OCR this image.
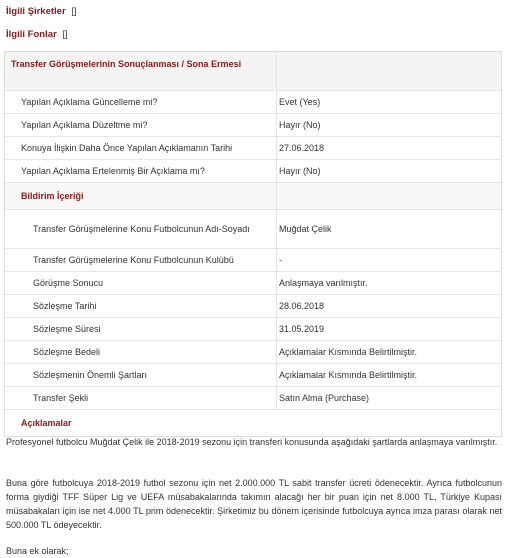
İlgili Şirketler []
İlgili Fonlar []
Transfer Görüşmelerinin Sonuçlanması / Sona Ermesi
Yapılan Açıklama Güncelleme mi?	Evet (Yes)
Yapılan Açıklama Düzeltme mi?	Hayır (No)
Konuya İlişkin Daha Önce Yapılan Açıklamanın Tarihi	27.06.2018
Yapılan Açıklama Ertelenmiş Bir Açıklama mı?	Hayır (No)
Bildirim İçeriği
Transfer Görüşmelerine Konu Futbolcunun Adı-Soyadı	Muğdat Çelik
Transfer Görüşmelerine Konu Futbolcunun Kulübü	-
Görüşme Sonucu	Anlaşmaya varılmıştır.
Sözleşme Tarihi	28.06.2018
Sözleşme Süresi	31.05.2019
Sözleşme Bedeli	Açıklamalar Kısmında Belirtilmiştir.
Sözleşmenin Önemli Şartları	Açıklamalar Kısmında Belirtilmiştir.
Transfer Şekli	Satın Alma (Purchase)
Açıklamalar
Profesyonel futbolcu Muğdat Çelik ile 2018-2019 sezonu için transferi konusunda aşağıdaki şartlarda anlaşmaya varılmıştır.
Buna göre futbolcuya 2018-2019 futbol sezonu için net 2.000.000 TL sabit transfer ücreti ödenecektir. Ayrıca futbolcunun forma giydiği TFF Süper Lig ve UEFA müsabakalarında takımın alacağı her bir puan için net 8.000 TL, Türkiye Kupası müsabakaları için ise net 4.000 TL prim ödenecektir. Şirketimiz bu dönem içerisinde futbolcuya ayrıca imza parası olarak net 500.000 TL ödeyecektir.
Buna ek olarak;
